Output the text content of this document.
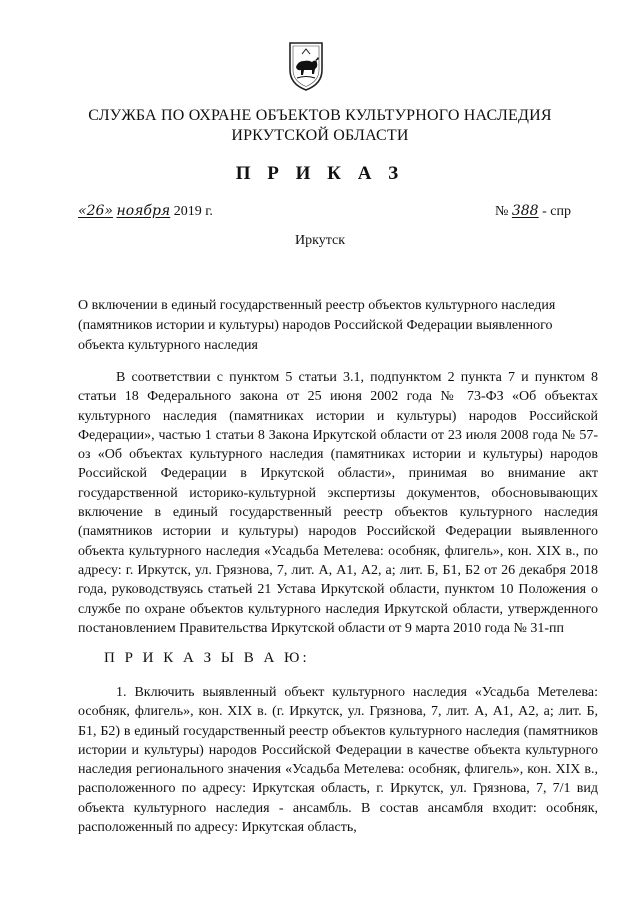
СЛУЖБА ПО ОХРАНЕ ОБЪЕКТОВ КУЛЬТУРНОГО НАСЛЕДИЯ
ИРКУТСКОЙ ОБЛАСТИ
П Р И К А З
«26» ноября 2019 г.	№ 388 - спр
Иркутск
О включении в единый государственный реестр объектов культурного наследия (памятников истории и культуры) народов Российской Федерации выявленного объекта культурного наследия
В соответствии с пунктом 5 статьи 3.1, подпунктом 2 пункта 7 и пунктом 8 статьи 18 Федерального закона от 25 июня 2002 года № 73-ФЗ «Об объектах культурного наследия (памятниках истории и культуры) народов Российской Федерации», частью 1 статьи 8 Закона Иркутской области от 23 июля 2008 года № 57-оз «Об объектах культурного наследия (памятниках истории и культуры) народов Российской Федерации в Иркутской области», принимая во внимание акт государственной историко-культурной экспертизы документов, обосновывающих включение в единый государственный реестр объектов культурного наследия (памятников истории и культуры) народов Российской Федерации выявленного объекта культурного наследия «Усадьба Метелева: особняк, флигель», кон. XIX в., по адресу: г. Иркутск, ул. Грязнова, 7, лит. А, А1, А2, а; лит. Б, Б1, Б2 от 26 декабря 2018 года, руководствуясь статьей 21 Устава Иркутской области, пунктом 10 Положения о службе по охране объектов культурного наследия Иркутской области, утвержденного постановлением Правительства Иркутской области от 9 марта 2010 года № 31-пп
П Р И К А З Ы В А Ю:
1. Включить выявленный объект культурного наследия «Усадьба Метелева: особняк, флигель», кон. XIX в. (г. Иркутск, ул. Грязнова, 7, лит. А, А1, А2, а; лит. Б, Б1, Б2) в единый государственный реестр объектов культурного наследия (памятников истории и культуры) народов Российской Федерации в качестве объекта культурного наследия регионального значения «Усадьба Метелева: особняк, флигель», кон. XIX в., расположенного по адресу: Иркутская область, г. Иркутск, ул. Грязнова, 7, 7/1 вид объекта культурного наследия - ансамбль. В состав ансамбля входит: особняк, расположенный по адресу: Иркутская область,
